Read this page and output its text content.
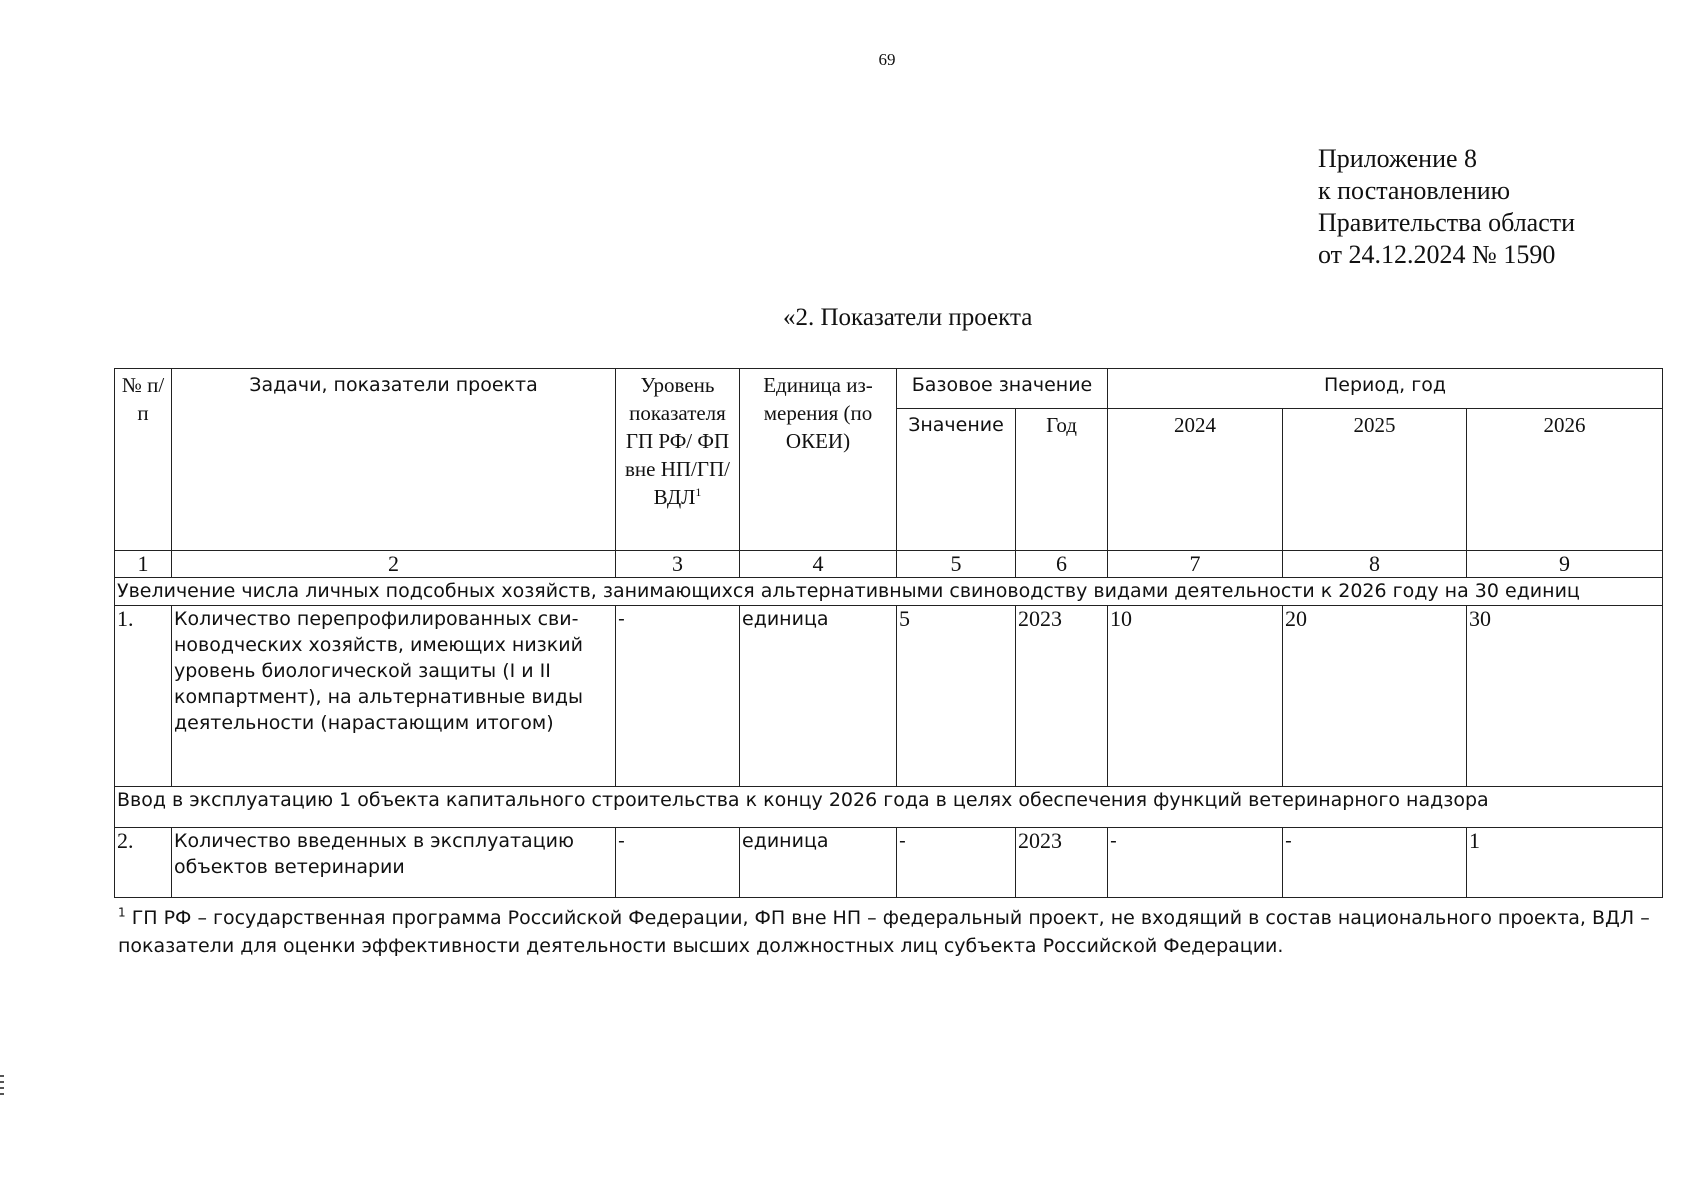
69
Приложение 8
к постановлению
Правительства области
от 24.12.2024 № 1590
«2. Показатели проекта
№ п/п	Задачи, показатели проекта	Уровень показателя ГП РФ/ ФП вне НП/ГП/ ВДЛ$^1$	Единица из- мерения (по ОКЕИ)	Базовое значение		Период, год		

				Значение	Год	2024	2025	2026

1	2	3	4	5	6	7	8	9
Увеличение числа личных подсобных хозяйств, занимающихся альтернативными свиноводству видами деятельности к 2026 году на 30 единиц								
1.	Количество перепрофилированных сви- новодческих хозяйств, имеющих низкий уровень биологической защиты (I и II компартмент), на альтернативные виды деятельности (нарастающим итогом)	-	единица	5	2023	10	20	30
Ввод в эксплуатацию 1 объекта капитального строительства к концу 2026 года в целях обеспечения функций ветеринарного надзора								
2.	Количество введенных в эксплуатацию объектов ветеринарии	-	единица	-	2023	-	-	1
$^1$ ГП РФ – государственная программа Российской Федерации, ФП вне НП – федеральный проект, не входящий в состав национального проекта, ВДЛ – показатели для оценки эффективности деятельности высших должностных лиц субъекта Российской Федерации.
